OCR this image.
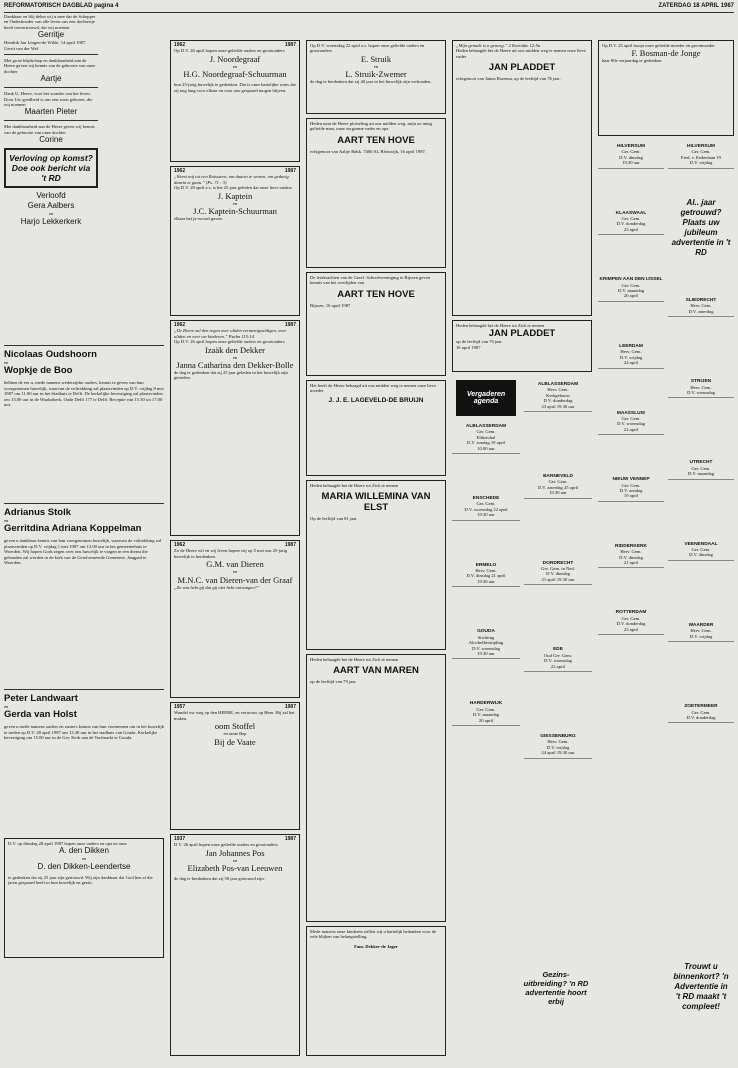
REFORMATORISCH DAGBLAD pagina 4	ZATERDAG 18 APRIL 1987
Dankbaar en blij delen wij u mee dat de Schepper en Onderhouder van alle leven ons een dochtertje heeft toevertrouwd, dat wij noemen
Gerritje
Hendrik Jan Lingen-de Wilde. 14 april 1987. Gerrit van der Wel.
Met grote blijdschap en dankbaarheid aan de Heere geven wij kennis van de geboorte van onze dochter
Aartje
Dank U, Heere, voor het wonder van het leven. Door Uw goedheid is ons een zoon geboren, die wij noemen
Maarten Pieter
Met dankbaarheid aan de Heere geven wij kennis van de geboorte van onze dochter
Corine
Verloving op komst? Doe ook bericht via 't RD
Verloofd
Gera Aalbers
en
Harjo Lekkerkerk
Nicolaas Oudshoorn
en
Wopkje de Boo
hebben de eer u, mede namens wederzijdse ouders, kennis te geven van hun voorgenomen huwelijk, waarvan de voltrekking zal plaatsvinden op D.V. vrijdag 8 mei 1987 om 11.00 uur in het Stadhuis te Delft. De kerkelijke bevestiging zal plaatsvinden om 13.00 uur in de Waalsekerk, Oude Delft 177 te Delft. Receptie van 15.30 tot 17.00 uur.
Adrianus Stolk
en
Gerritdina Adriana Koppelman
geven u dankbaar kennis van hun voorgenomen huwelijk, waarvan de voltrekking zal plaatsvinden op D.V. vrijdag 1 mei 1987 om 13.00 uur in het gemeentehuis te Woerden. Wij hopen Gods zegen over ons huwelijk te vragen in een dienst die gehouden zal worden in de kerk van de Gereformeerde Gemeente, Jaagpad te Woerden.
Peter Landwaart
en
Gerda van Holst
geven u mede namens ouders en zusters kennis van hun voornemen om in het huwelijk te treden op D.V. 28 april 1987 om 13.30 uur in het stadhuis van Gouda. Kerkelijke bevestiging om 15.00 uur in de Ger. Kerk aan de Turfmarkt te Gouda.
D.V. op dinsdag 28 april 1987 hopen onze ouders en opa en oma
A. den Dikken
en
D. den Dikken-Leendertse
te gedenken dat zij 25 jaar zijn getrouwd. Wij zijn dankbaar dat God hen al die jaren gespaard heeft in hun huwelijk en gezin.
1962	1987
Op D.V. 26 april hopen onze geliefde ouders en grootouders
J. Noordegraaf
en
H.G. Noordegraaf-Schuurman
hun 25-jarig huwelijk te gedenken. Dat is onze hartelijke wens dat zij nog lang voor elkaar en voor ons gespaard mogen blijven.
1962	1987
„Weest mij tot een Rotssteen, om daarin te wonen, om gedurig daarin te gaan.” (Ps. 71 : 3)
Op D.V. 28 april a.s. is het 25 jaar geleden dat onze lieve ouders
J. Kaptein
en
J.C. Kaptein-Schuurman
elkaar het ja-woord gaven.
1962	1987
„De Heere zal den regen over uliden vermenigvuldigen, over uliden en over uw kinderen.” Psalm 115:14
Op D.V. 26 april hopen onze geliefde ouders en grootouders
Izaäk den Dekker
en
Janna Catharina den Dekker-Bolle
de dag te gedenken dat zij 25 jaar geleden in het huwelijk zijn getreden.
1962	1987
Zo de Heere wil en wij leven hopen wij op 5 mei ons 25-jarig huwelijk te herdenken.
G.M. van Dieren
en
M.N.C. van Dieren-van der Graaf
„Zo wat hebt gij dat gij niet hebt ontvangen?”
1957	1987
Wandel uw weg op den HEERE, en vertrouw op Hem. Hij zal het maken.
oom Stoffel
en tante Bep
Bij de Vaate
1937	1987
D.V. 26 april hopen onze geliefde ouders en grootouders
Jan Johannes Pos
en
Elizabeth Pos-van Leeuwen
de dag te herdenken dat zij 50 jaar getrouwd zijn.
Op D.V. woensdag 22 april a.s. hopen onze geliefde ouders en grootouders
E. Struik
en
L. Struik-Zwemer
de dag te herdenken dat zij 40 jaar in het huwelijk zijn verbonden.
Heden nam de Heere plotseling uit ons midden weg, mijn zo innig geliefde man, onze zorgzame vader en opa
AART TEN HOVE
echtgenoot van Aaltje Bakk. 7400 AL Bleiswijk, 16 april 1987.
De leerkrachten van de Geref. Schoolvereniging te Rijssen geven kennis van het overlijden van
AART TEN HOVE
Bijssen, 16 april 1987
Het heeft de Heere behaagd uit ons midden weg te nemen onze lieve moeder
J. J. E. LAGEVELD-DE BRUIJN
Heden behaagde het de Heere tot Zich te nemen
MARIA WILLEMINA VAN ELST
Op de leeftijd van 81 jaar
Heden behaagde het de Heere tot Zich te nemen
AART VAN MAREN
op de leeftijd van 79 jaar.
Mede namens onze kinderen willen wij u hartelijk bedanken voor de vele blijken van belangstelling.
Fam. Dekker-de Jager
„Mijn genade is u genoeg.” 2 Korinthe 12:9a
Heden behaagde het de Heere uit ons midden weg te nemen onze lieve vader
JAN PLADDET
echtgenoot van Janna Rozema, op de leeftijd van 76 jaar.
Heden behaagde het de Heere tot Zich te nemen
JAN PLADDET
op de leeftijd van 76 jaar.
16 april 1987
Vergaderen agenda
ALBLASSERDAM
Ger. Gem.
Elthetohal
D.V. zondag 19 april
10.00 uur
ENSCHEDE
Ger. Gem.
D.V. woensdag 22 april
19.30 uur
ERMELO
Herv. Gem.
D.V. dinsdag 21 april
19.30 uur
GOUDA
Stichting
Alcoholbestrijding
D.V. woensdag
19.30 uur
HARDERWIJK
Ger. Gem.
D.V. maandag
20 april
ALBLASSERDAM
Herv. Gem.
Kerkgebouw
D.V. donderdag
23 april 19.30 uur
BARNEVELD
Ger. Gem.
D.V. zaterdag 25 april
19.30 uur
DORDRECHT
Ger. Gem. in Ned.
D.V. dinsdag
21 april 19.30 uur
EDE
Oud Ger. Gem.
D.V. woensdag
22 april
GIESSENBURG
Herv. Gem.
D.V. vrijdag
24 april 19.30 uur
Gezins-uitbreiding? 'n RD advertentie hoort erbij
Op D.V. 25 april hoopt onze geliefde moeder en grootmoeder
F. Bosman-de Jonge
haar 80e verjaardag te gedenken.
HILVERSUM
Ger. Gem.
D.V. dinsdag
19.30 uur
KLAASWAAL
Ger. Gem.
D.V. donderdag
23 april
KRIMPEN AAN DEN IJSSEL
Ger. Gem.
D.V. maandag
20 april
LEERDAM
Herv. Gem.
D.V. vrijdag
24 april
MAASSLUIS
Ger. Gem.
D.V. woensdag
22 april
NIEUW VENNEP
Ger. Gem.
D.V. zondag
19 april
RIDDERKERK
Herv. Gem.
D.V. dinsdag
21 april
ROTTERDAM
Ger. Gem.
D.V. donderdag
23 april
HILVERSUM
Ger. Gem.
Fred. v. Eedenlaan 19
D.V. vrijdag
Al.. jaar getrouwd? Plaats uw jubileum advertentie in 't RD
Trouwt u binnenkort? 'n Advertentie in 't RD maakt 't compleet!
SLIEDRECHT
Herv. Gem.
D.V. zaterdag
STRIJEN
Herv. Gem.
D.V. woensdag
UTRECHT
Ger. Gem.
D.V. maandag
VEENENDAAL
Ger. Gem.
D.V. dinsdag
WAARDER
Herv. Gem.
D.V. vrijdag
ZOETERMEER
Ger. Gem.
D.V. donderdag
